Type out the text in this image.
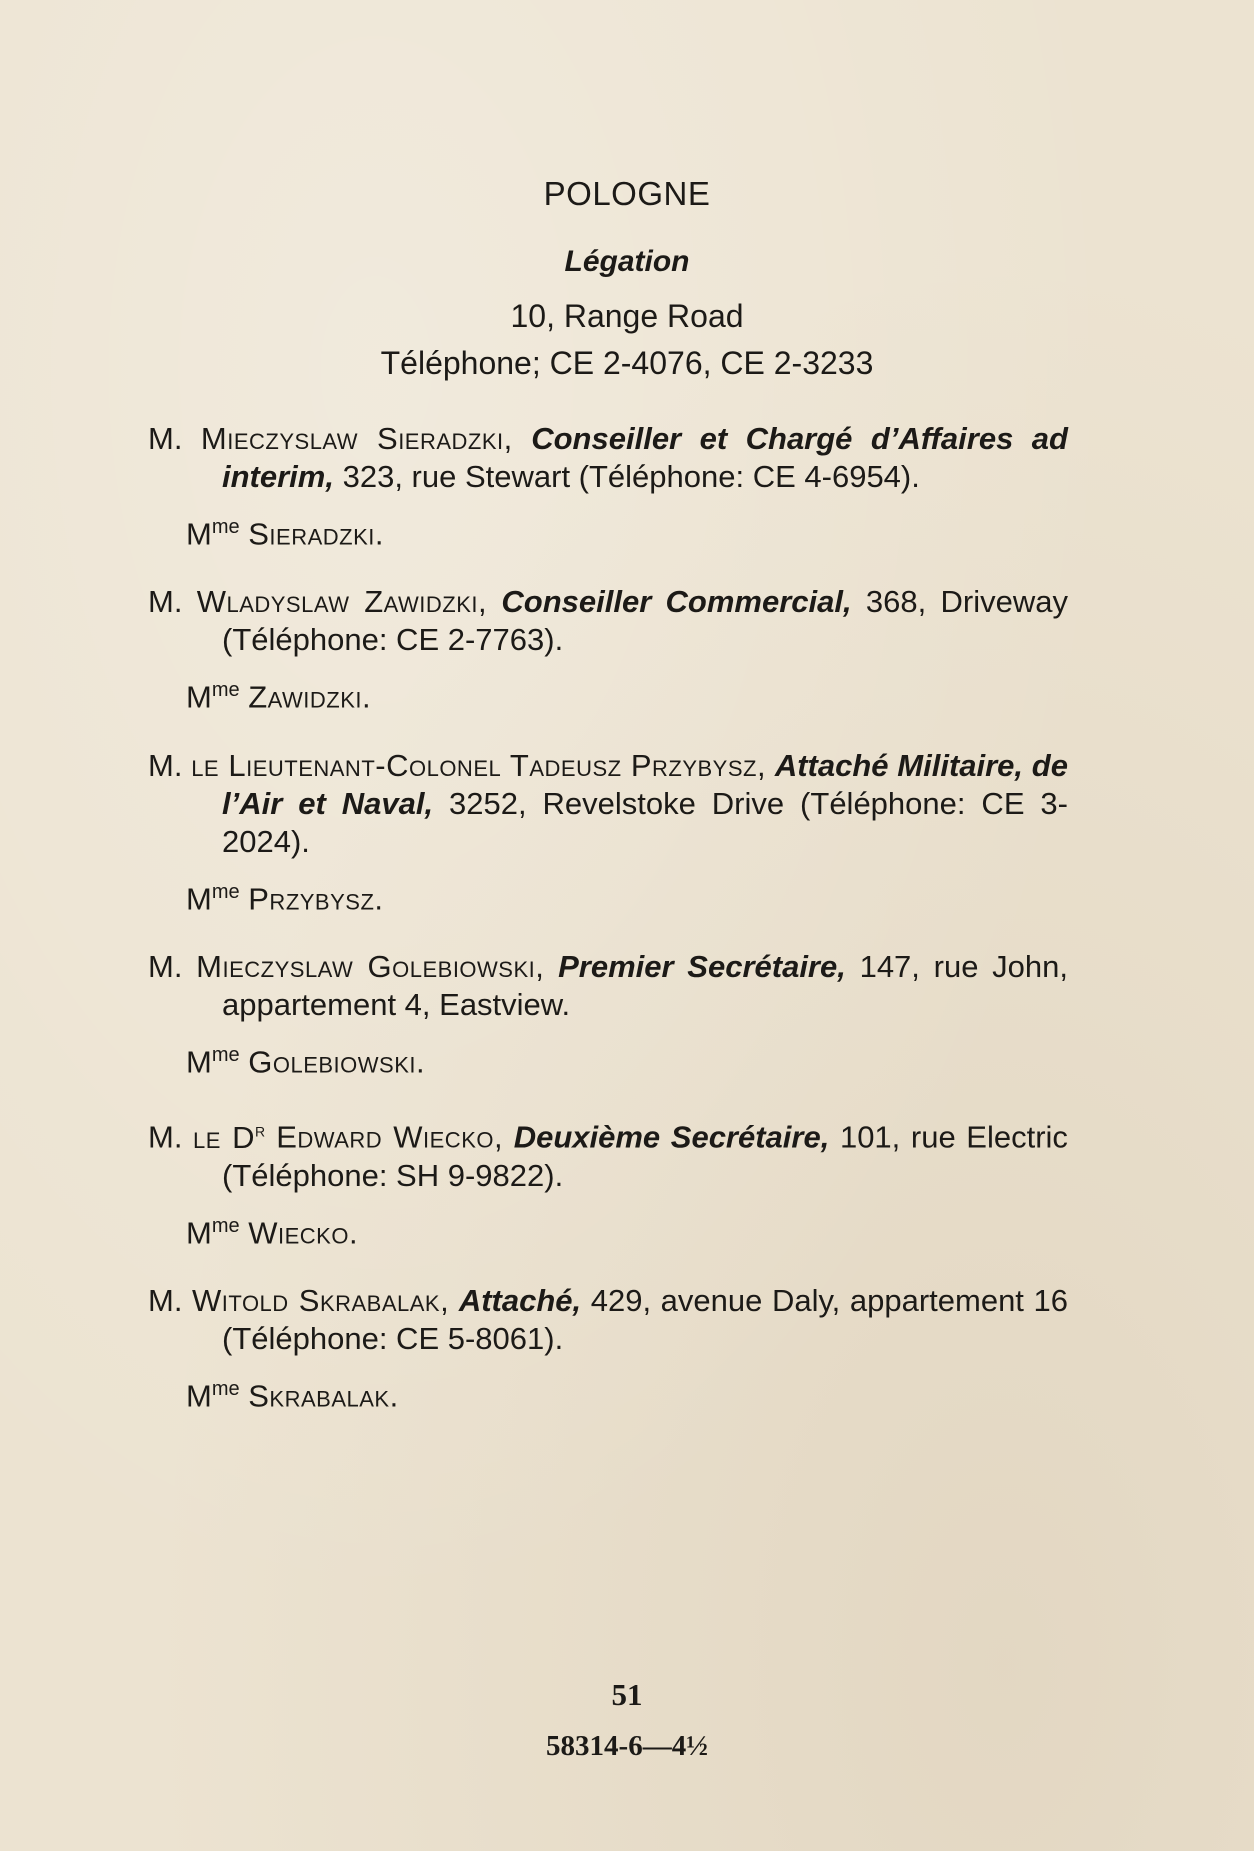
POLOGNE
Légation
10, Range Road
Téléphone; CE 2-4076, CE 2-3233
M. Mieczyslaw Sieradzki, Conseiller et Chargé d’Affaires ad interim, 323, rue Stewart (Téléphone: CE 4-6954).
$M^{me}$ Sieradzki.
M. Wladyslaw Zawidzki, Conseiller Commercial, 368, Driveway (Téléphone: CE 2-7763).
$M^{me}$ Zawidzki.
M. le Lieutenant-Colonel Tadeusz Przybysz, Attaché Militaire, de l’Air et Naval, 3252, Revelstoke Drive (Téléphone: CE 3-2024).
$M^{me}$ Przybysz.
M. Mieczyslaw Golebiowski, Premier Secrétaire, 147, rue John, appartement 4, Eastview.
$M^{me}$ Golebiowski.
M. le $D^r$ Edward Wiecko, Deuxième Secrétaire, 101, rue Electric (Téléphone: SH 9-9822).
$M^{me}$ Wiecko.
M. Witold Skrabalak, Attaché, 429, avenue Daly, appartement 16 (Téléphone: CE 5-8061).
$M^{me}$ Skrabalak.
51
58314-6—4½
